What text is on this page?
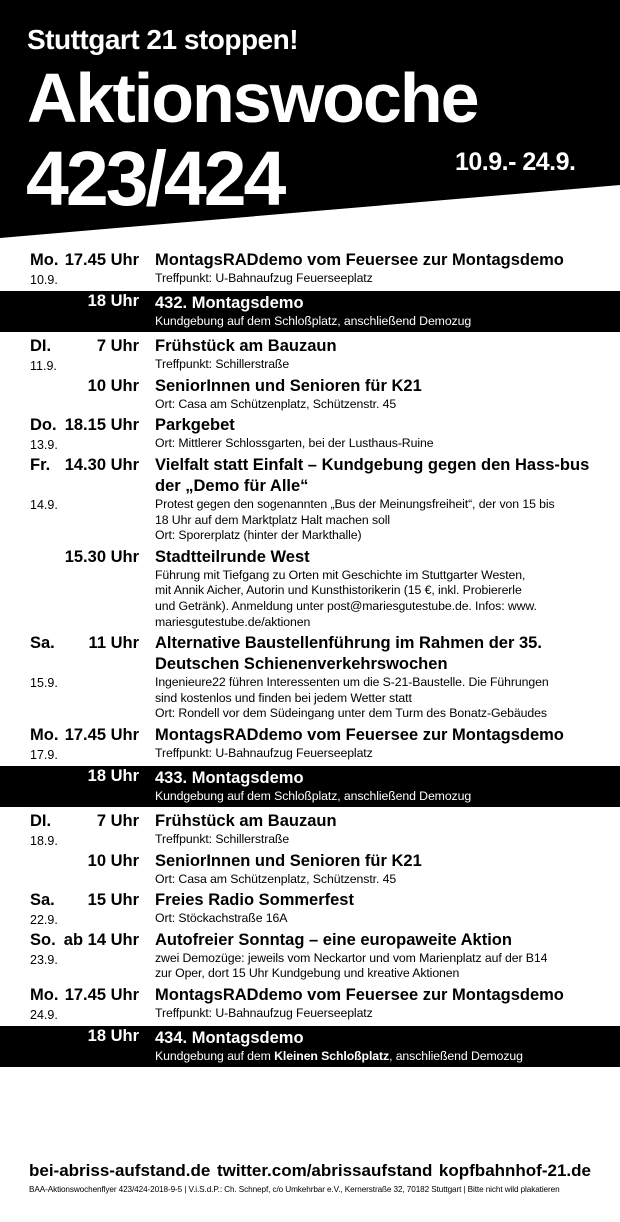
Stuttgart 21 stoppen!
Aktionswoche
423/424	10.9.- 24.9.
Mo. 17.45 Uhr
10.9.
MontagsRADdemo vom Feuersee zur Montagsdemo
Treffpunkt: U-Bahnaufzug Feuerseeplatz
18 Uhr 432. Montagsdemo
Kundgebung auf dem Schloßplatz, anschließend Demozug
DI.	7 Uhr
11.9.
Frühstück am Bauzaun
Treffpunkt: Schillerstraße
10 Uhr SeniorInnen und Senioren für K21
Ort: Casa am Schützenplatz, Schützenstr. 45
Do. 18.15 Uhr
13.9.
Parkgebet
Ort: Mittlerer Schlossgarten, bei der Lusthaus-Ruine
Fr. 14.30 Uhr
14.9.
Vielfalt statt Einfalt – Kundgebung gegen den Hass-bus der „Demo für Alle“
Protest gegen den sogenannten „Bus der Meinungsfreiheit“, der von 15 bis
18 Uhr auf dem Marktplatz Halt machen soll
Ort: Sporerplatz (hinter der Markthalle)
15.30 Uhr Stadtteilrunde West
Führung mit Tiefgang zu Orten mit Geschichte im Stuttgarter Westen,
mit Annik Aicher, Autorin und Kunsthistorikerin (15 €, inkl. Probiererle
und Getränk). Anmeldung unter post@mariesgutestube.de. Infos: www.
mariesgutestube.de/aktionen
Sa.	11 Uhr
15.9.
Alternative Baustellenführung im Rahmen der 35. Deutschen Schienenverkehrswochen
Ingenieure22 führen Interessenten um die S-21-Baustelle. Die Führungen
sind kostenlos und finden bei jedem Wetter statt
Ort: Rondell vor dem Südeingang unter dem Turm des Bonatz-Gebäudes
Mo. 17.45 Uhr
17.9.
MontagsRADdemo vom Feuersee zur Montagsdemo
Treffpunkt: U-Bahnaufzug Feuerseeplatz
18 Uhr 433. Montagsdemo
Kundgebung auf dem Schloßplatz, anschließend Demozug
DI.	7 Uhr
18.9.
Frühstück am Bauzaun
Treffpunkt: Schillerstraße
10 Uhr SeniorInnen und Senioren für K21
Ort: Casa am Schützenplatz, Schützenstr. 45
Sa.	15 Uhr
22.9.
Freies Radio Sommerfest
Ort: Stöckachstraße 16A
So. ab 14 Uhr
23.9.
Autofreier Sonntag – eine europaweite Aktion
zwei Demozüge: jeweils vom Neckartor und vom Marienplatz auf der B14
zur Oper, dort 15 Uhr Kundgebung und kreative Aktionen
Mo. 17.45 Uhr
24.9.
MontagsRADdemo vom Feuersee zur Montagsdemo
Treffpunkt: U-Bahnaufzug Feuerseeplatz
18 Uhr 434. Montagsdemo
Kundgebung auf dem Kleinen Schloßplatz, anschließend Demozug
bei-abriss-aufstand.de twitter.com/abrissaufstand kopfbahnhof-21.de
BAA-Aktionswochenflyer 423/424-2018-9-5 | V.i.S.d.P.: Ch. Schnepf, c/o Umkehrbar e.V., Kernerstraße 32, 70182 Stuttgart | Bitte nicht wild plakatieren
